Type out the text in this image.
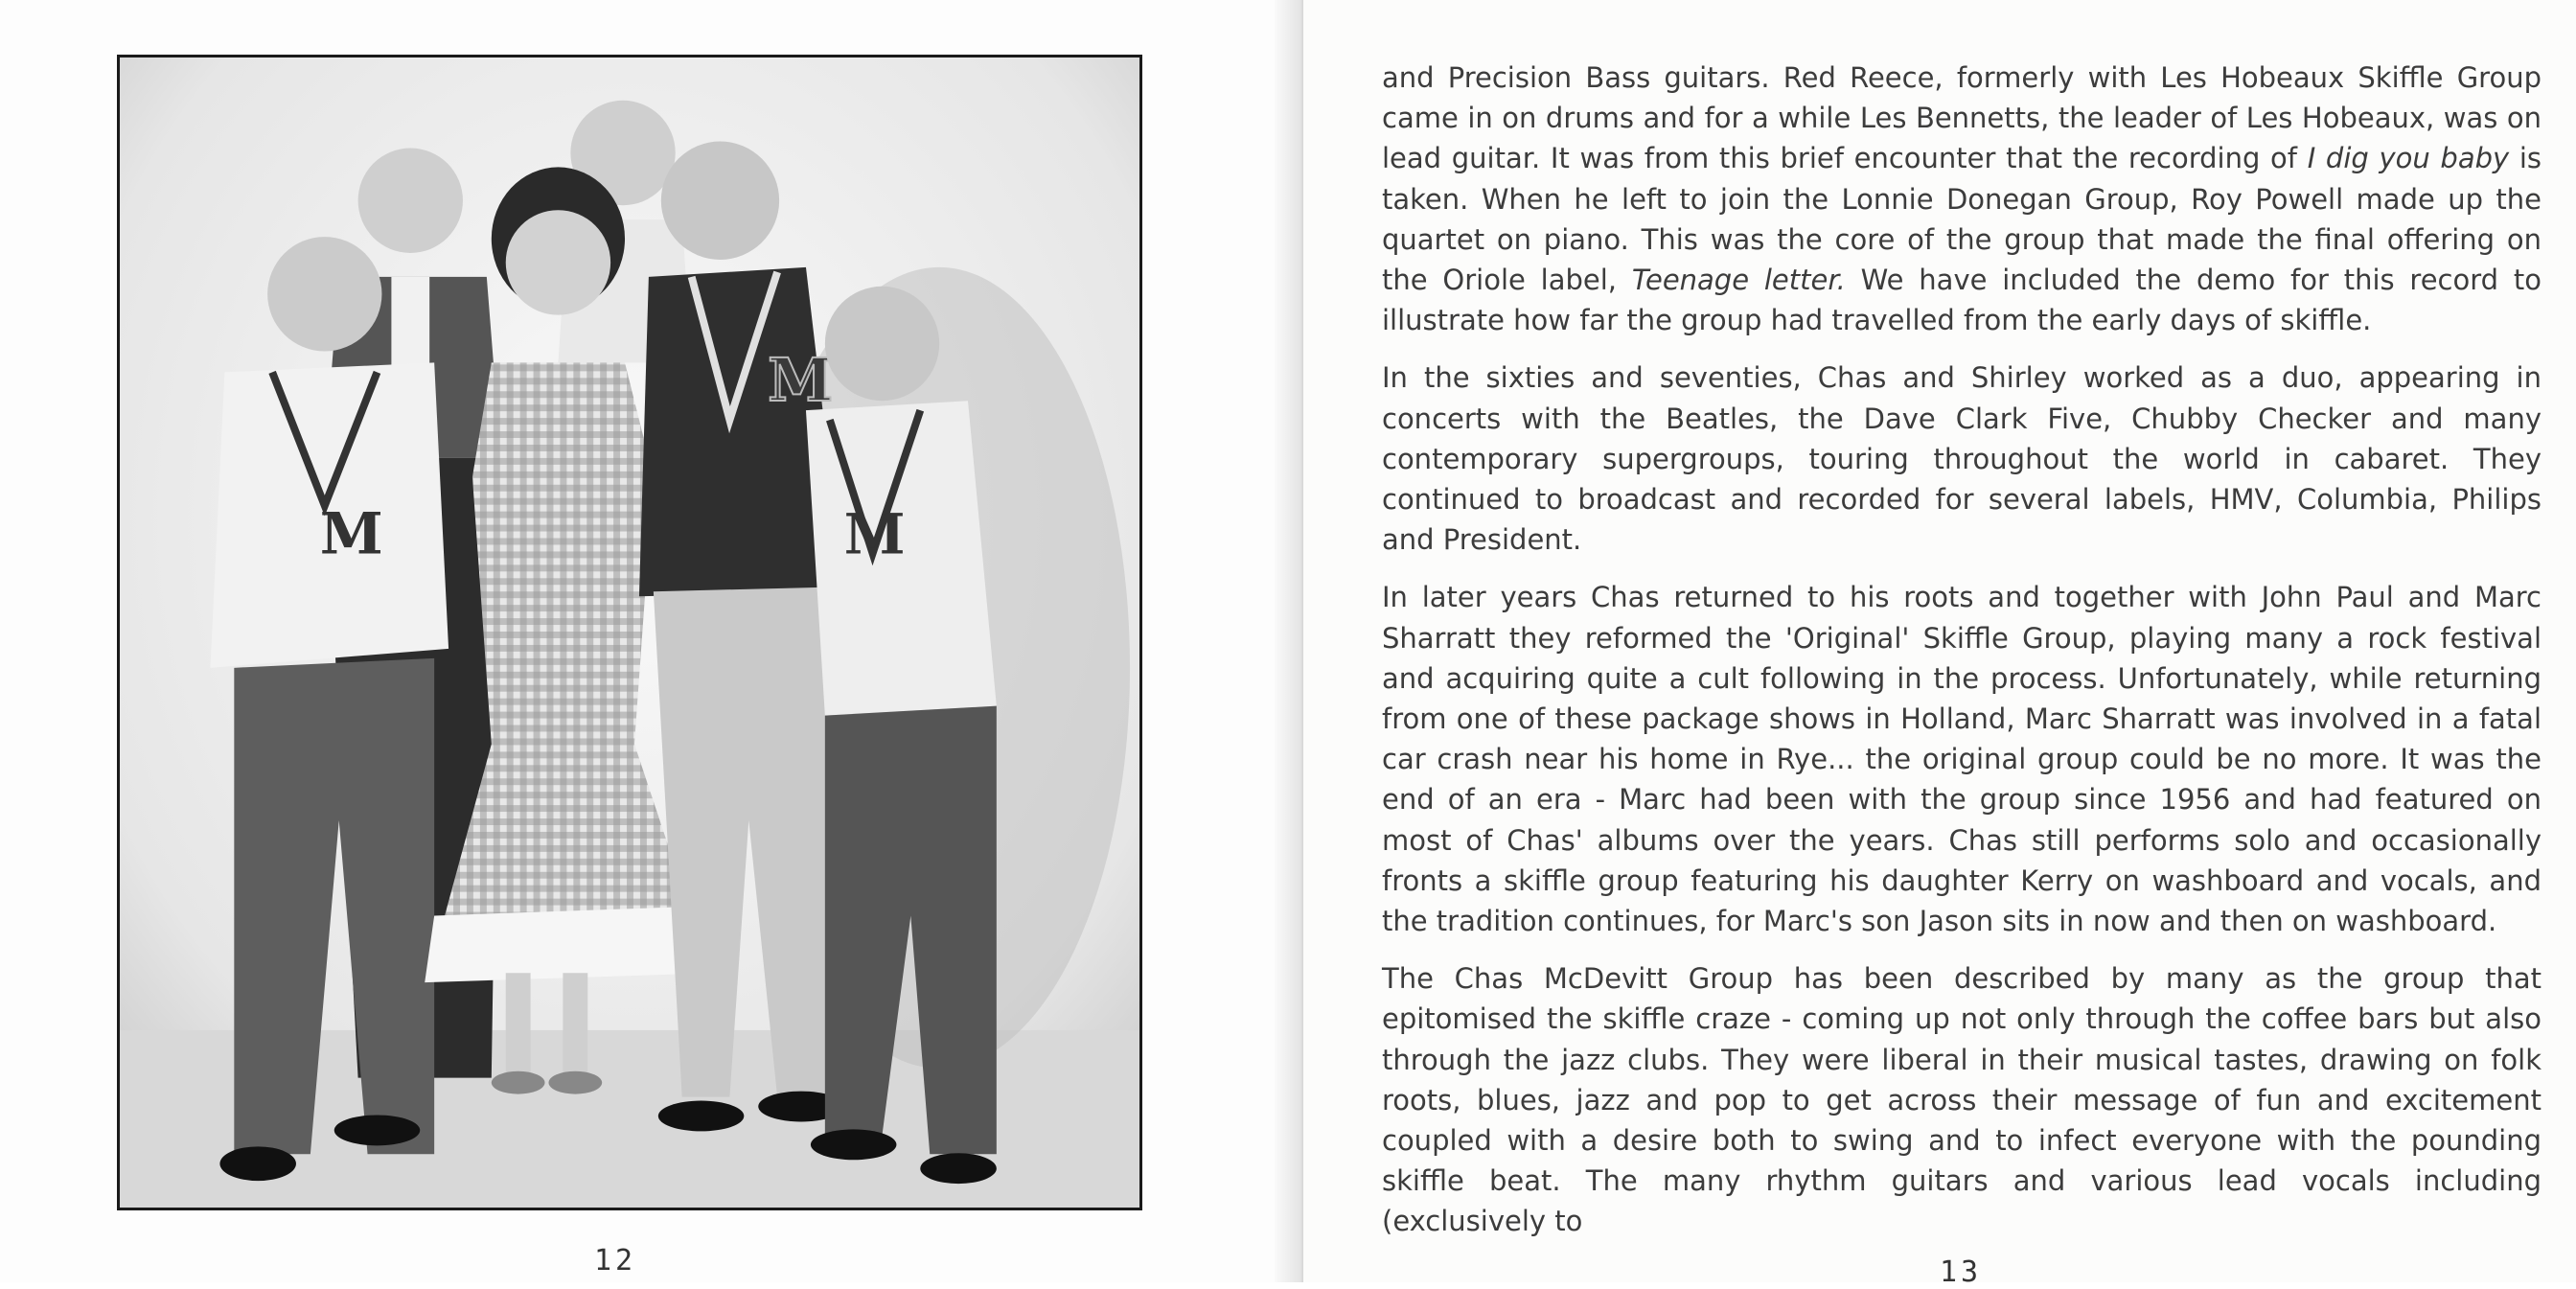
M
M
M
12

and Precision Bass guitars. Red Reece, formerly with Les Hobeaux Skiffle Group came in on drums and for a while Les Bennetts, the leader of Les Hobeaux, was on lead guitar. It was from this brief encounter that the recording of I dig you baby is taken. When he left to join the Lonnie Donegan Group, Roy Powell made up the quartet on piano. This was the core of the group that made the final offering on the Oriole label, Teenage letter. We have included the demo for this record to illustrate how far the group had travelled from the early days of skiffle.

In the sixties and seventies, Chas and Shirley worked as a duo, appearing in concerts with the Beatles, the Dave Clark Five, Chubby Checker and many contemporary supergroups, touring throughout the world in cabaret. They continued to broadcast and recorded for several labels, HMV, Columbia, Philips and President.

In later years Chas returned to his roots and together with John Paul and Marc Sharratt they reformed the 'Original' Skiffle Group, playing many a rock festival and acquiring quite a cult following in the process. Unfortunately, while returning from one of these package shows in Holland, Marc Sharratt was involved in a fatal car crash near his home in Rye... the original group could be no more. It was the end of an era - Marc had been with the group since 1956 and had featured on most of Chas' albums over the years. Chas still performs solo and occasionally fronts a skiffle group featuring his daughter Kerry on washboard and vocals, and the tradition continues, for Marc's son Jason sits in now and then on washboard.

The Chas McDevitt Group has been described by many as the group that epitomised the skiffle craze - coming up not only through the coffee bars but also through the jazz clubs. They were liberal in their musical tastes, drawing on folk roots, blues, jazz and pop to get across their message of fun and excitement coupled with a desire both to swing and to infect everyone with the pounding skiffle beat. The many rhythm guitars and various lead vocals including (exclusively to

13
